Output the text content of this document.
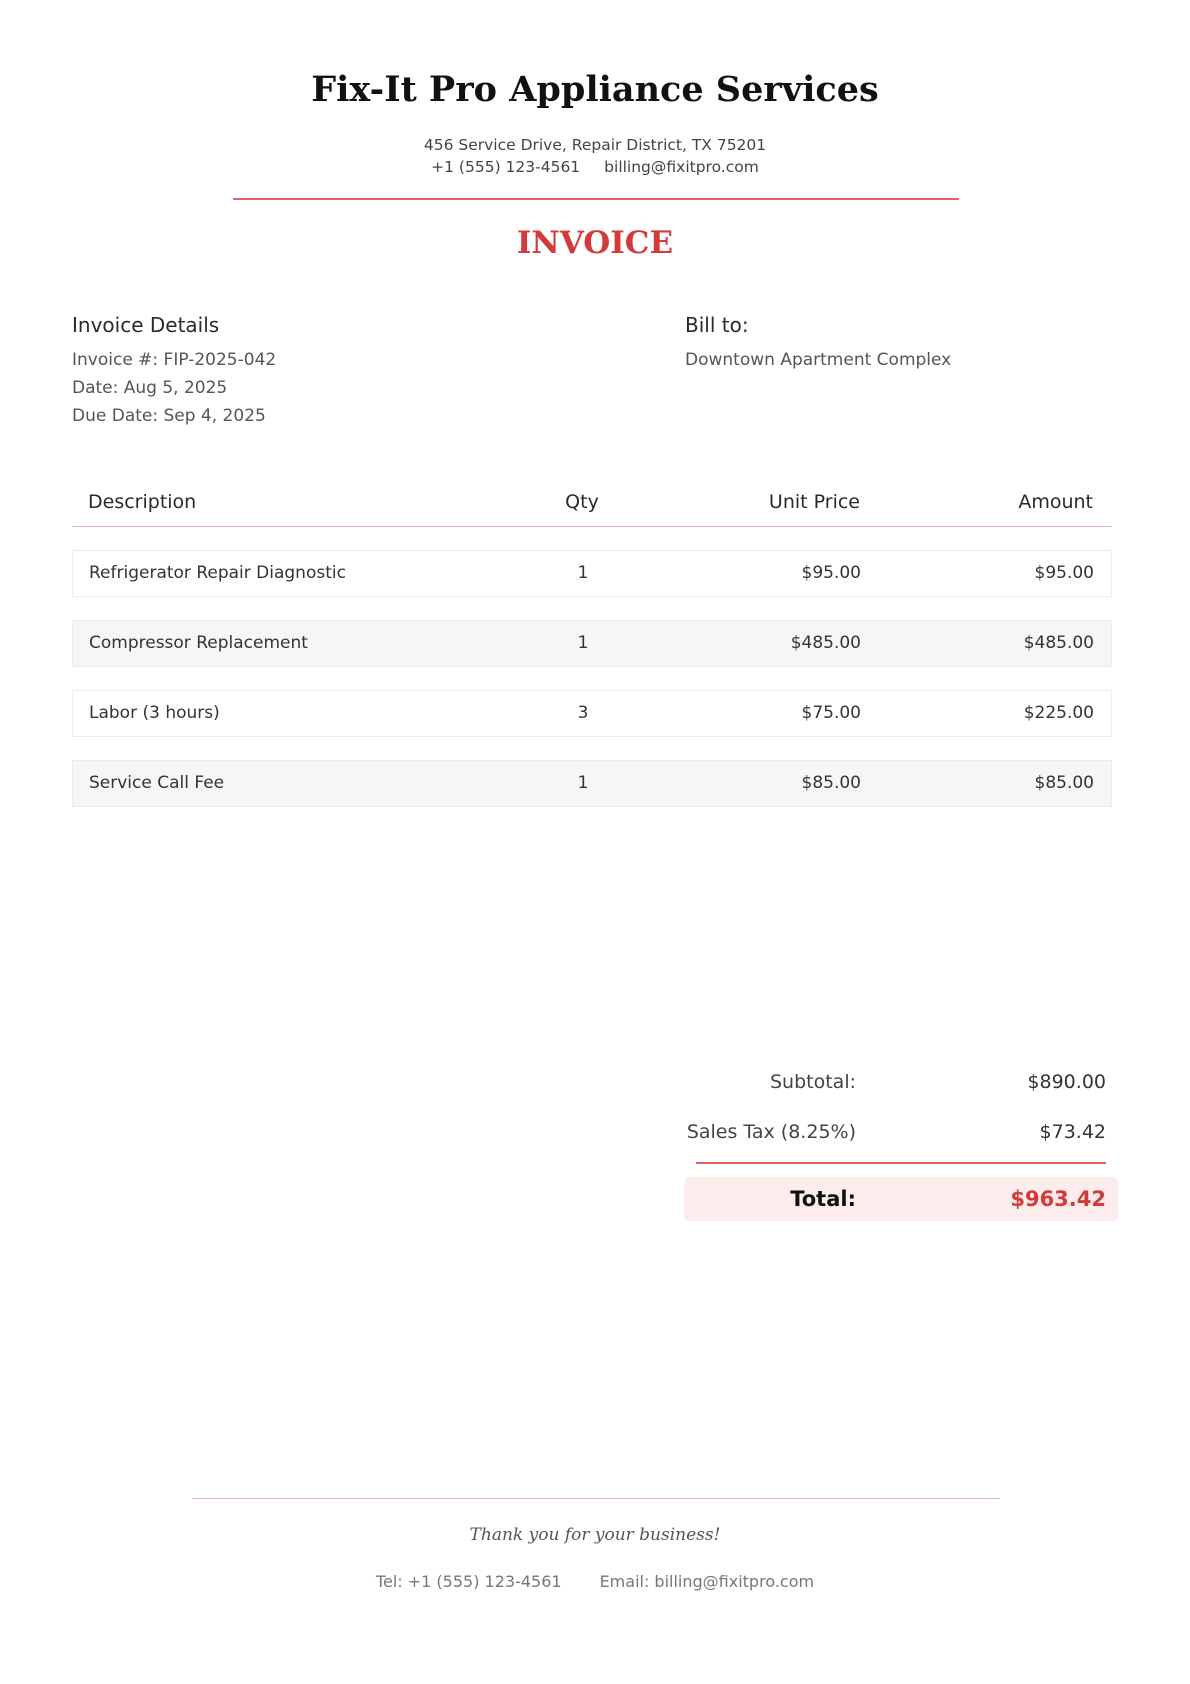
Fix-It Pro Appliance Services
456 Service Drive, Repair District, TX 75201
+1 (555) 123-4561 billing@fixitpro.com
INVOICE
Invoice Details
Invoice #: FIP-2025-042
Date: Aug 5, 2025
Due Date: Sep 4, 2025
Bill to:
Downtown Apartment Complex
Description	Qty	Unit Price	Amount
Refrigerator Repair Diagnostic	1	$95.00	$95.00
Compressor Replacement	1	$485.00	$485.00
Labor (3 hours)	3	$75.00	$225.00
Service Call Fee	1	$85.00	$85.00
Subtotal:	$890.00
Sales Tax (8.25%)	$73.42
Total:	$963.42
Thank you for your business!
Tel: +1 (555) 123-4561 Email: billing@fixitpro.com
